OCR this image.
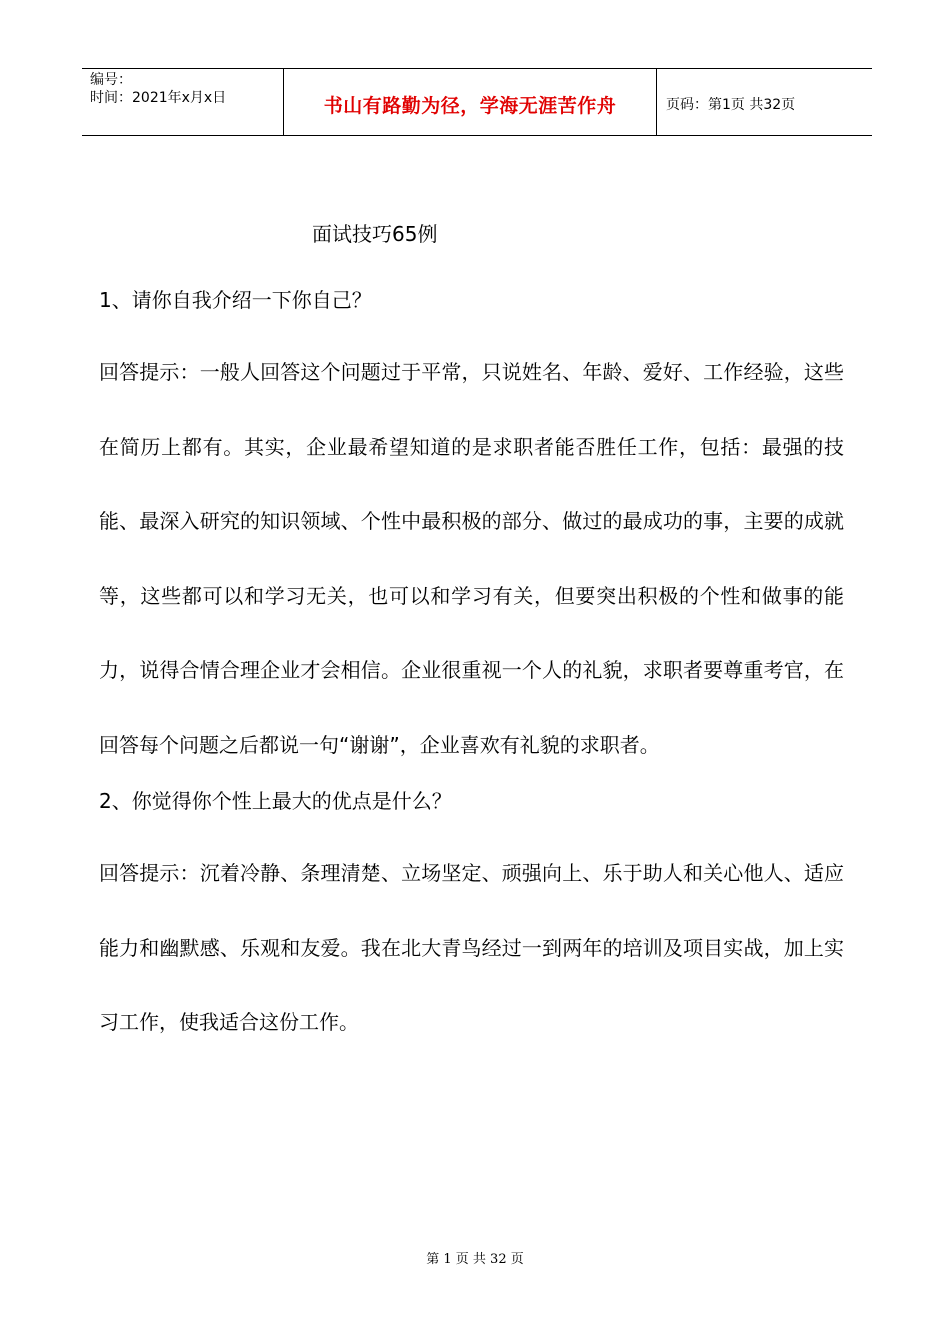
编号：
时间：2021年x月x日	书山有路勤为径，学海无涯苦作舟	页码：第1页 共32页
面试技巧65例

1、请你自我介绍一下你自己？

回答提示：一般人回答这个问题过于平常，只说姓名、年龄、爱好、工作经验，这些在简历上都有。其实，企业最希望知道的是求职者能否胜任工作，包括：最强的技能、最深入研究的知识领域、个性中最积极的部分、做过的最成功的事，主要的成就等，这些都可以和学习无关，也可以和学习有关，但要突出积极的个性和做事的能力，说得合情合理企业才会相信。企业很重视一个人的礼貌，求职者要尊重考官，在回答每个问题之后都说一句“谢谢”，企业喜欢有礼貌的求职者。

2、你觉得你个性上最大的优点是什么？

回答提示：沉着冷静、条理清楚、立场坚定、顽强向上、乐于助人和关心他人、适应能力和幽默感、乐观和友爱。我在北大青鸟经过一到两年的培训及项目实战，加上实习工作，使我适合这份工作。

第 1 页 共 32 页
